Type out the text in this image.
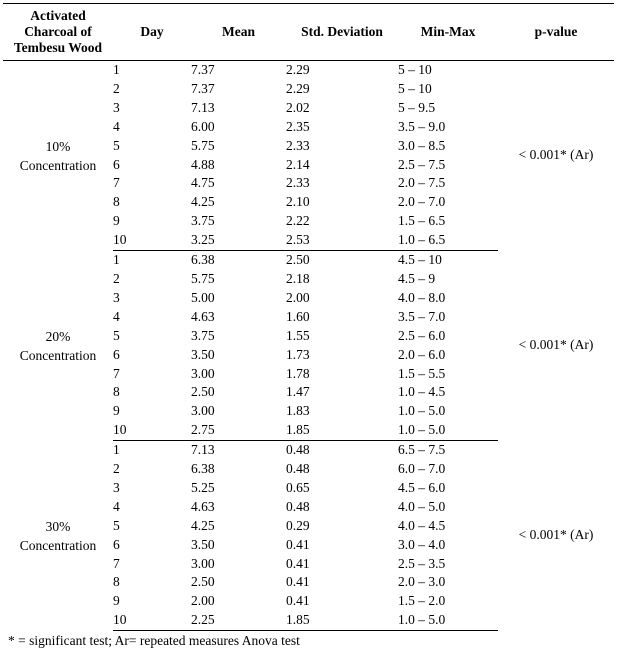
Activated Charcoal of Tembesu Wood	Day	Mean	Std. Deviation	Min-Max	p-value

10%
Concentration	1	7.37	2.29	5 – 10	< 0.001* (Ar)
	2	7.37	2.29	5 – 10	
	3	7.13	2.02	5 – 9.5	
	4	6.00	2.35	3.5 – 9.0	
	5	5.75	2.33	3.0 – 8.5	
	6	4.88	2.14	2.5 – 7.5	
	7	4.75	2.33	2.0 – 7.5	
	8	4.25	2.10	2.0 – 7.0	
	9	3.75	2.22	1.5 – 6.5	
	10	3.25	2.53	1.0 – 6.5	

20%
Concentration	1	6.38	2.50	4.5 – 10	< 0.001* (Ar)
	2	5.75	2.18	4.5 – 9	
	3	5.00	2.00	4.0 – 8.0	
	4	4.63	1.60	3.5 – 7.0	
	5	3.75	1.55	2.5 – 6.0	
	6	3.50	1.73	2.0 – 6.0	
	7	3.00	1.78	1.5 – 5.5	
	8	2.50	1.47	1.0 – 4.5	
	9	3.00	1.83	1.0 – 5.0	
	10	2.75	1.85	1.0 – 5.0	

30%
Concentration	1	7.13	0.48	6.5 – 7.5	< 0.001* (Ar)
	2	6.38	0.48	6.0 – 7.0	
	3	5.25	0.65	4.5 – 6.0	
	4	4.63	0.48	4.0 – 5.0	
	5	4.25	0.29	4.0 – 4.5	
	6	3.50	0.41	3.0 – 4.0	
	7	3.00	0.41	2.5 – 3.5	
	8	2.50	0.41	2.0 – 3.0	
	9	2.00	0.41	1.5 – 2.0	
	10	2.25	1.85	1.0 – 5.0	
* = significant test; Ar= repeated measures Anova test
